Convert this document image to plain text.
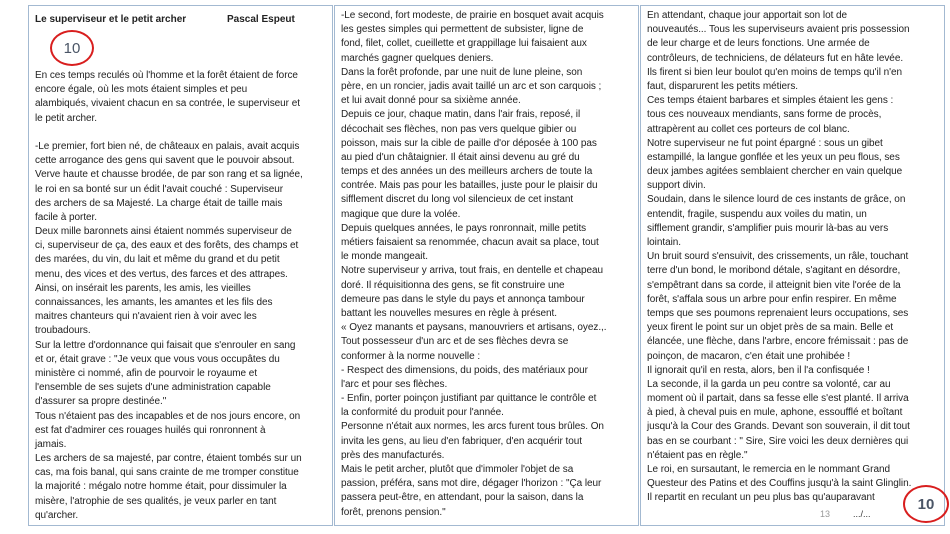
Le superviseur et le petit archer	Pascal Espeut
10
En ces temps reculés où l'homme et la forêt étaient de force
encore égale, où les mots étaient simples et peu
alambiqués, vivaient chacun en sa contrée, le superviseur et
le petit archer.
-Le premier, fort bien né, de châteaux en palais, avait acquis
cette arrogance des gens qui savent que le pouvoir absout.
Verve haute et chausse brodée, de par son rang et sa lignée,
le roi en sa bonté sur un édit l'avait couché : Superviseur
des archers de sa Majesté. La charge était de taille mais
facile à porter.
Deux mille baronnets ainsi étaient nommés superviseur de
ci, superviseur de ça, des eaux et des forêts, des champs et
des marées, du vin, du lait et même du grand et du petit
menu, des vices et des vertus, des farces et des attrapes.
Ainsi, on insérait les parents, les amis, les vieilles
connaissances, les amants, les amantes et les fils des
maitres chanteurs qui n'avaient rien à voir avec les
troubadours.
Sur la lettre d'ordonnance qui faisait que s'enrouler en sang
et or, était grave : "Je veux que vous vous occupâtes du
ministère ci nommé, afin de pourvoir le royaume et
l'ensemble de ses sujets d'une administration capable
d'assurer sa propre destinée."
Tous n'étaient pas des incapables et de nos jours encore, on
est fat d'admirer ces rouages huilés qui ronronnent à
jamais.
Les archers de sa majesté, par contre, étaient tombés sur un
cas, ma fois banal, qui sans crainte de me tromper constitue
la majorité : mégalo notre homme était, pour dissimuler la
misère, l'atrophie de ses qualités, je veux parler en tant
qu'archer.
-Le second, fort modeste, de prairie en bosquet avait acquis
les gestes simples qui permettent de subsister, ligne de
fond, filet, collet, cueillette et grappillage lui faisaient aux
marchés gagner quelques deniers.
Dans la forêt profonde, par une nuit de lune pleine, son
père, en un roncier, jadis avait taillé un arc et son carquois ;
et lui avait donné pour sa sixième année.
Depuis ce jour, chaque matin, dans l'air frais, reposé, il
décochait ses flèches, non pas vers quelque gibier ou
poisson, mais sur la cible de paille d'or déposée à 100 pas
au pied d'un châtaignier. Il était ainsi devenu au gré du
temps et des années un des meilleurs archers de toute la
contrée. Mais pas pour les batailles, juste pour le plaisir du
sifflement discret du long vol silencieux de cet instant
magique que dure la volée.
Depuis quelques années, le pays ronronnait, mille petits
métiers faisaient sa renommée, chacun avait sa place, tout
le monde mangeait.
Notre superviseur y arriva, tout frais, en dentelle et chapeau
doré. Il réquisitionna des gens, se fit construire une
demeure pas dans le style du pays et annonça tambour
battant les nouvelles mesures en règle à présent.
« Oyez manants et paysans, manouvriers et artisans, oyez.,.
Tout possesseur d'un arc et de ses flèches devra se
conformer à la norme nouvelle :
- Respect des dimensions, du poids, des matériaux pour
l'arc et pour ses flèches.
- Enfin, porter poinçon justifiant par quittance le contrôle et
la conformité du produit pour l'année.
Personne n'était aux normes, les arcs furent tous brûles. On
invita les gens, au lieu d'en fabriquer, d'en acquérir tout
près des manufacturés.
Mais le petit archer, plutôt que d'immoler l'objet de sa
passion, préféra, sans mot dire, dégager l'horizon : "Ça leur
passera peut-être, en attendant, pour la saison, dans la
forêt, prenons pension."
En attendant, chaque jour apportait son lot de
nouveautés... Tous les superviseurs avaient pris possession
de leur charge et de leurs fonctions. Une armée de
contrôleurs, de techniciens, de délateurs fut en hâte levée.
Ils firent si bien leur boulot qu'en moins de temps qu'il n'en
faut, disparurent les petits métiers.
Ces temps étaient barbares et simples étaient les gens :
tous ces nouveaux mendiants, sans forme de procès,
attrapèrent au collet ces porteurs de col blanc.
Notre superviseur ne fut point épargné : sous un gibet
estampillé, la langue gonflée et les yeux un peu flous, ses
deux jambes agitées semblaient chercher en vain quelque
support divin.
Soudain, dans le silence lourd de ces instants de grâce, on
entendit, fragile, suspendu aux voiles du matin, un
sifflement grandir, s'amplifier puis mourir là-bas au vers
lointain.
Un bruit sourd s'ensuivit, des crissements, un râle, touchant
terre d'un bond, le moribond détale, s'agitant en désordre,
s'empêtrant dans sa corde, il atteignit bien vite l'orée de la
forêt, s'affala sous un arbre pour enfin respirer. En même
temps que ses poumons reprenaient leurs occupations, ses
yeux firent le point sur un objet près de sa main. Belle et
élancée, une flèche, dans l'arbre, encore frémissait : pas de
poinçon, de macaron, c'en était une prohibée !
Il ignorait qu'il en resta, alors, ben il l'a confisquée !
La seconde, il la garda un peu contre sa volonté, car au
moment où il partait, dans sa fesse elle s'est planté. Il arriva
à pied, à cheval puis en mule, aphone, essoufflé et boîtant
jusqu'à la Cour des Grands. Devant son souverain, il dit tout
bas en se courbant : " Sire, Sire voici les deux dernières qui
n'étaient pas en règle."
Le roi, en sursautant, le remercia en le nommant Grand
Questeur des Patins et des Couffins jusqu'à la saint Glinglin.
Il repartit en reculant un peu plus bas qu'auparavant
13	.../...
10
